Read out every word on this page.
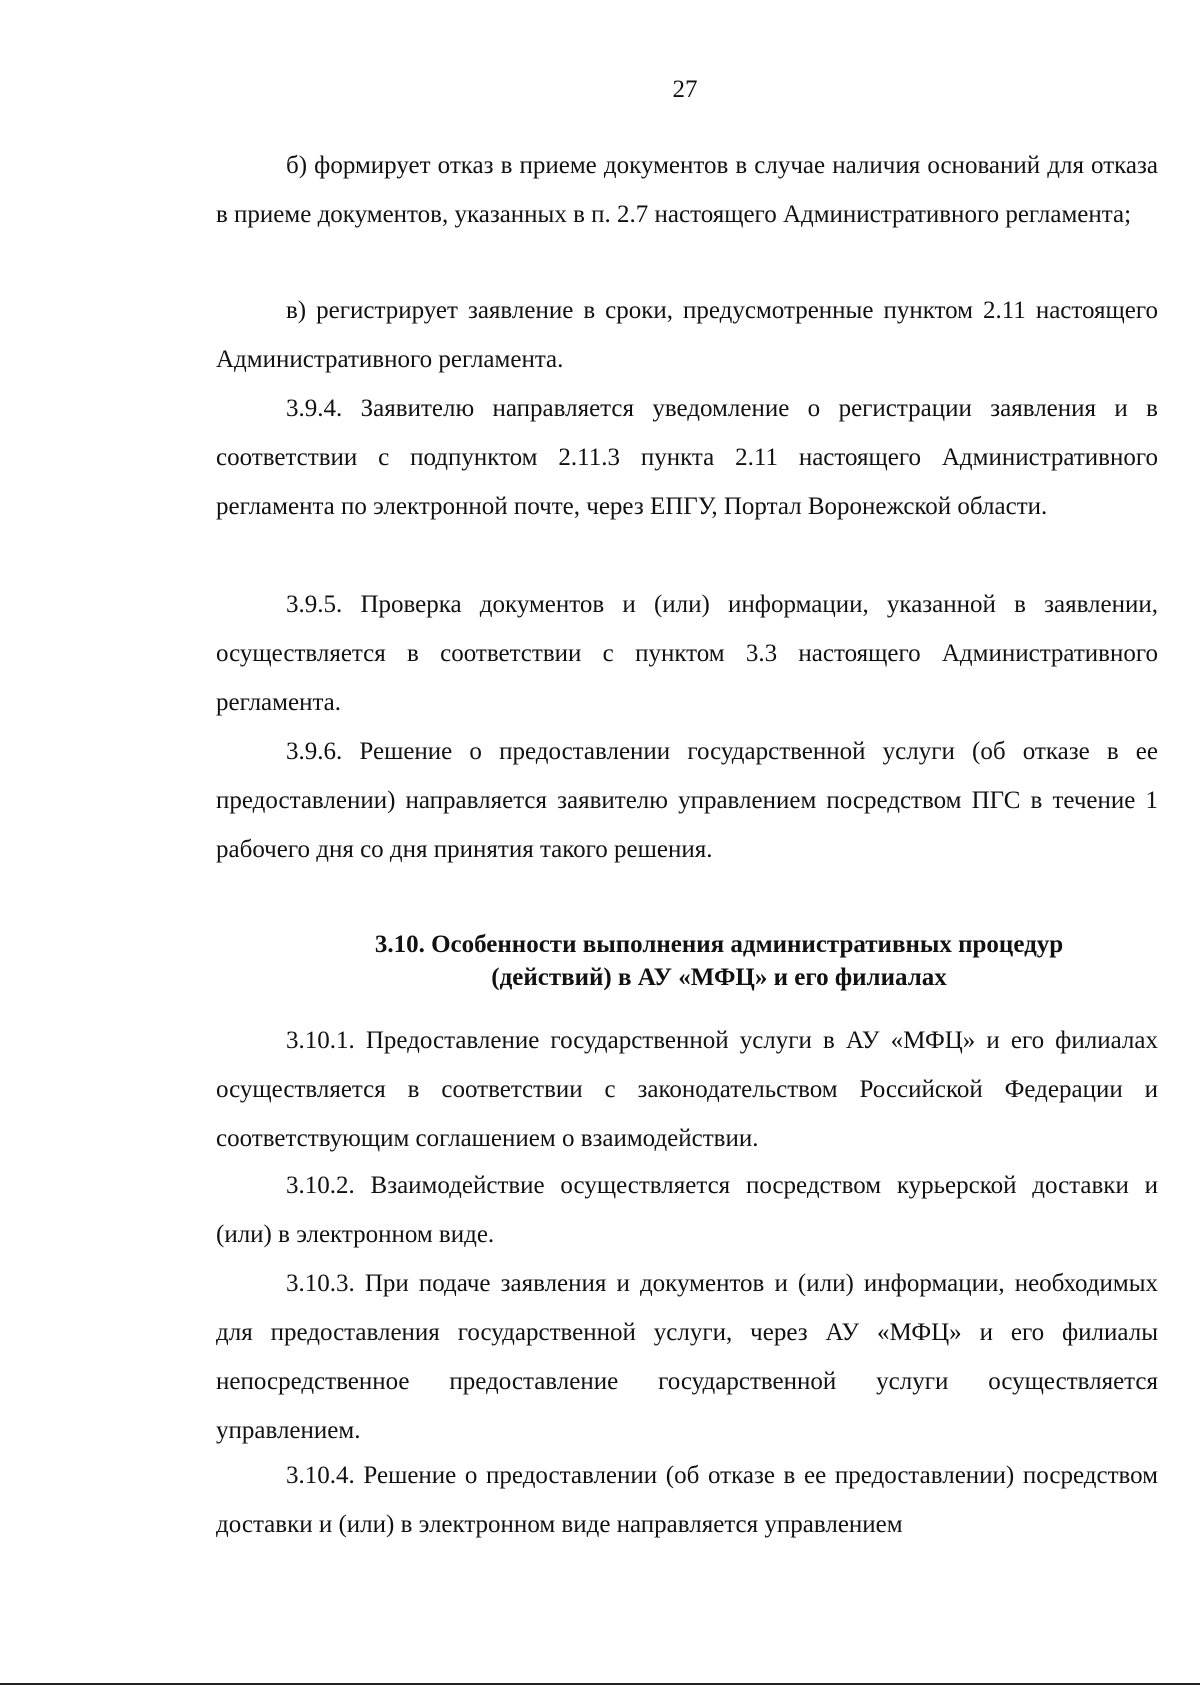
27

б) формирует отказ в приеме документов в случае наличия оснований для отказа в приеме документов, указанных в п. 2.7 настоящего Административного регламента;

в) регистрирует заявление в сроки, предусмотренные пунктом 2.11 настоящего Административного регламента.

3.9.4. Заявителю направляется уведомление о регистрации заявления и в соответствии с подпунктом 2.11.3 пункта 2.11 настоящего Административного регламента по электронной почте, через ЕПГУ, Портал Воронежской области.

3.9.5. Проверка документов и (или) информации, указанной в заявлении, осуществляется в соответствии с пунктом 3.3 настоящего Административного регламента.

3.9.6. Решение о предоставлении государственной услуги (об отказе в ее предоставлении) направляется заявителю управлением посредством ПГС в течение 1 рабочего дня со дня принятия такого решения.

3.10. Особенности выполнения административных процедур
(действий) в АУ «МФЦ» и его филиалах

3.10.1. Предоставление государственной услуги в АУ «МФЦ» и его филиалах осуществляется в соответствии с законодательством Российской Федерации и соответствующим соглашением о взаимодействии.

3.10.2. Взаимодействие осуществляется посредством курьерской доставки и (или) в электронном виде.

3.10.3. При подаче заявления и документов и (или) информации, необходимых для предоставления государственной услуги, через АУ «МФЦ» и его филиалы непосредственное предоставление государственной услуги осуществляется управлением.

3.10.4. Решение о предоставлении (об отказе в ее предоставлении) посредством доставки и (или) в электронном виде направляется управлением
